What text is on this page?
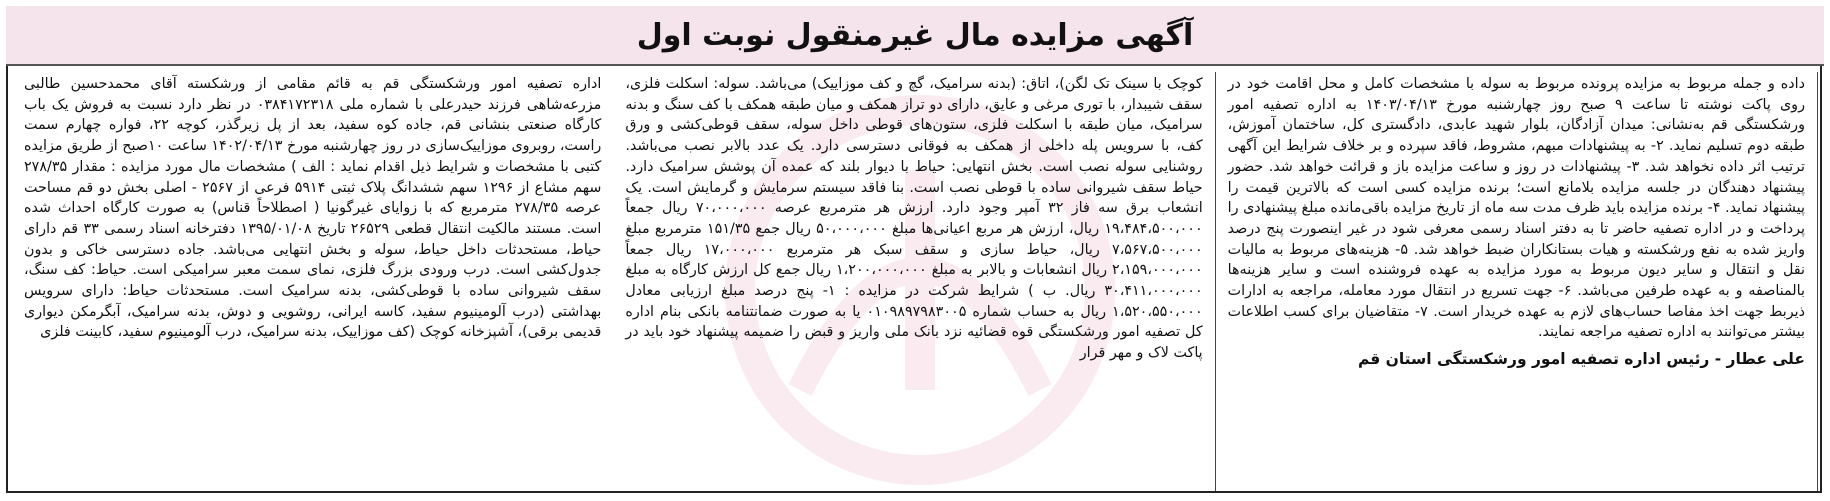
آگهی مزایده مال غیرمنقول نوبت اول

اداره تصفیه امور ورشکستگی قم به قائم مقامی از ورشکسته آقای محمدحسین طالبی مزرعه‌شاهی فرزند حیدرعلی با شماره ملی ۰۳۸۴۱۷۲۳۱۸ در نظر دارد نسبت به فروش یک باب کارگاه صنعتی بنشانی قم، جاده کوه سفید، بعد از پل زیرگذر، کوچه ۲۲، فواره چهارم سمت راست، روبروی موزاییک‌سازی در روز چهارشنبه مورخ ۱۴۰۲/۰۴/۱۳ ساعت ۱۰صبح از طریق مزایده کتبی با مشخصات و شرایط ذیل اقدام نماید : الف ) مشخصات مال مورد مزایده : مقدار ۲۷۸/۳۵ سهم مشاع از ۱۲۹۶ سهم ششدانگ پلاک ثبتی ۵۹۱۴ فرعی از ۲۵۶۷ - اصلی بخش دو قم مساحت عرصه ۲۷۸/۳۵ مترمربع که با زوایای غیرگونیا ( اصطلاحاً قناس) به صورت کارگاه احداث شده است. مستند مالکیت انتقال قطعی ۲۶۵۲۹ تاریخ ۱۳۹۵/۰۱/۰۸ دفترخانه اسناد رسمی ۳۳ قم دارای حیاط، مستحدثات داخل حیاط، سوله و بخش انتهایی می‌باشد. جاده دسترسی خاکی و بدون جدول‌کشی است. درب ورودی بزرگ فلزی، نمای سمت معبر سرامیکی است. حیاط: کف سنگ، سقف شیروانی ساده با قوطی‌کشی، بدنه سرامیک است. مستحدثات حیاط: دارای سرویس بهداشتی (درب آلومینیوم سفید، کاسه ایرانی، روشویی و دوش، بدنه سرامیک، آبگرمکن دیواری قدیمی برقی)، آشپزخانه کوچک (کف موزاییک، بدنه سرامیک، درب آلومینیوم سفید، کابینت فلزی

کوچک با سینک تک لگن)، اتاق: (بدنه سرامیک، گچ و کف موزاییک) می‌باشد. سوله: اسکلت فلزی، سقف شیبدار، با توری مرغی و عایق، دارای دو تراز همکف و میان طبقه همکف با کف سنگ و بدنه سرامیک، میان طبقه با اسکلت فلزی، ستون‌های قوطی داخل سوله، سقف قوطی‌کشی و ورق کف، با سرویس پله داخلی از همکف به فوقانی دسترسی دارد. یک عدد بالابر نصب می‌باشد. روشنایی سوله نصب است. بخش انتهایی: حیاط با دیوار بلند که عمده آن پوشش سرامیک دارد. حیاط سقف شیروانی ساده با قوطی نصب است. بنا فاقد سیستم سرمایش و گرمایش است. یک انشعاب برق سه فاز ۳۲ آمپر وجود دارد. ارزش هر مترمربع عرصه ۷۰،۰۰۰،۰۰۰ ریال جمعاً ۱۹،۴۸۴،۵۰۰،۰۰۰ ریال، ارزش هر مربع اعیانی‌ها مبلغ ۵۰،۰۰۰،۰۰۰ ریال جمع ۱۵۱/۳۵ مترمربع مبلغ ۷،۵۶۷،۵۰۰،۰۰۰ ریال، حیاط سازی و سقف سبک هر مترمربع ۱۷،۰۰۰،۰۰۰ ریال جمعاً ۲،۱۵۹،۰۰۰،۰۰۰ ریال انشعابات و بالابر به مبلغ ۱،۲۰۰،۰۰۰،۰۰۰ ریال جمع کل ارزش کارگاه به مبلغ ۳۰،۴۱۱،۰۰۰،۰۰۰ ریال. ب ) شرایط شرکت در مزایده : ۱- پنج درصد مبلغ ارزیابی معادل ۱،۵۲۰،۵۵۰،۰۰۰ ریال به حساب شماره ۰۱۰۹۸۹۷۹۸۳۰۰۵ یا به صورت ضمانتنامه بانکی بنام اداره کل تصفیه امور ورشکستگی قوه قضائیه نزد بانک ملی واریز و قبض را ضمیمه پیشنهاد خود باید در پاکت لاک و مهر قرار

داده و جمله مربوط به مزایده پرونده مربوط به سوله با مشخصات کامل و محل اقامت خود در روی پاکت نوشته تا ساعت ۹ صبح روز چهارشنبه مورخ ۱۴۰۳/۰۴/۱۳ به اداره تصفیه امور ورشکستگی قم به‌نشانی: میدان آزادگان، بلوار شهید عابدی، دادگستری کل، ساختمان آموزش، طبقه دوم تسلیم نماید. ۲- به پیشنهادات مبهم، مشروط، فاقد سپرده و بر خلاف شرایط این آگهی ترتیب اثر داده نخواهد شد. ۳- پیشنهادات در روز و ساعت مزایده باز و قرائت خواهد شد. حضور پیشنهاد دهندگان در جلسه مزایده بلامانع است؛ برنده مزایده کسی است که بالاترین قیمت را پیشنهاد نماید. ۴- برنده مزایده باید ظرف مدت سه ماه از تاریخ مزایده باقی‌مانده مبلغ پیشنهادی را پرداخت و در اداره تصفیه حاضر تا به دفتر اسناد رسمی معرفی شود در غیر اینصورت پنج درصد واریز شده به نفع ورشکسته و هیات بستانکاران ضبط خواهد شد. ۵- هزینه‌های مربوط به مالیات نقل و انتقال و سایر دیون مربوط به مورد مزایده به عهده فروشنده است و سایر هزینه‌ها بالمناصفه و به عهده طرفین می‌باشد. ۶- جهت تسریع در انتقال مورد معامله، مراجعه به ادارات ذیربط جهت اخذ مفاصا حساب‌های لازم به عهده خریدار است. ۷- متقاضیان برای کسب اطلاعات بیشتر می‌توانند به اداره تصفیه مراجعه نمایند.

علی عطار - رئیس اداره تصفیه امور ورشکستگی استان قم
